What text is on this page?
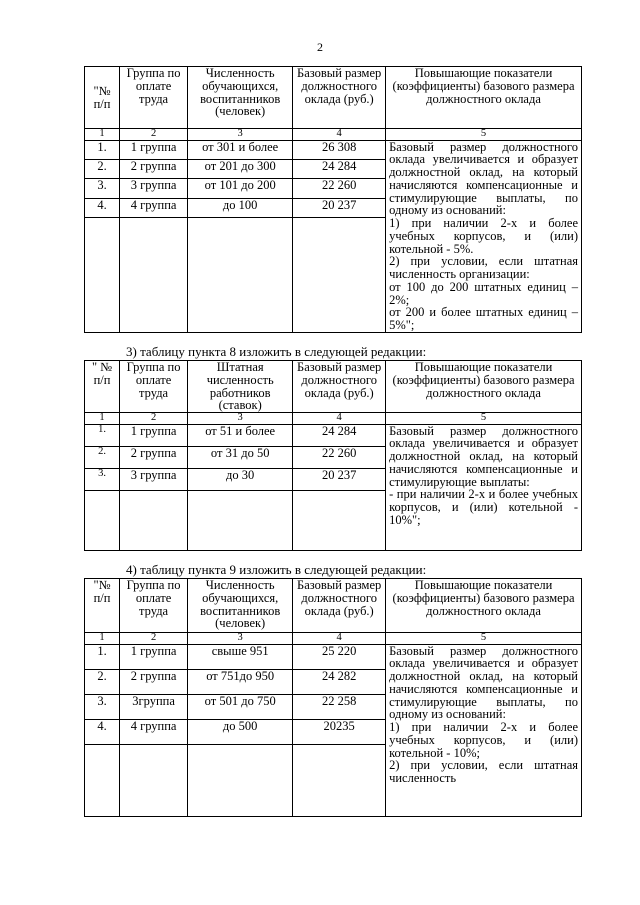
2
"№ п/п	Группа по оплате труда	Численность обучающихся, воспитанников (человек)	Базовый размер должностного оклада (руб.)	Повышающие показатели (коэффициенты) базового размера должностного оклада
1	2	3	4	5
1.	1 группа	от 301 и более	26 308	Базовый размер должностного оклада увеличивается и образует должностной оклад, на который начисляются компенсационные и стимулирующие выплаты, по одному из оснований:

1) при наличии 2-х и более учебных корпусов, и (или) котельной - 5%.

2) при условии, если штатная численность организации:

от 100 до 200 штатных единиц – 2%;

от 200 и более штатных единиц – 5%";

2.	2 группа	от 201 до 300	24 284	
3.	3 группа	от 101 до 200	22 260	
4.	4 группа	до 100	20 237	

3) таблицу пункта 8 изложить в следующей редакции:
" № п/п	Группа по оплате труда	Штатная численность работников (ставок)	Базовый размер должностного оклада (руб.)	Повышающие показатели (коэффициенты) базового размера должностного оклада
1	2	3	4	5
1.	1 группа	от 51 и более	24 284	Базовый размер должностного оклада увеличивается и образует должностной оклад, на который начисляются компенсационные и стимулирующие выплаты:

- при наличии 2-х и более учебных корпусов, и (или) котельной - 10%";

2.	2 группа	от 31 до 50	22 260	
3.	3 группа	до 30	20 237	

4) таблицу пункта 9 изложить в следующей редакции:
"№ п/п	Группа по оплате труда	Численность обучающихся, воспитанников (человек)	Базовый размер должностного оклада (руб.)	Повышающие показатели (коэффициенты) базового размера должностного оклада
1	2	3	4	5
1.	1 группа	свыше 951	25 220	Базовый размер должностного оклада увеличивается и образует должностной оклад, на который начисляются компенсационные и стимулирующие выплаты, по одному из оснований:

1) при наличии 2-х и более учебных корпусов, и (или) котельной - 10%;

2) при условии, если штатная численность

2.	2 группа	от 751до 950	24 282	
3.	3группа	от 501 до 750	22 258	
4.	4 группа	до 500	20235	
